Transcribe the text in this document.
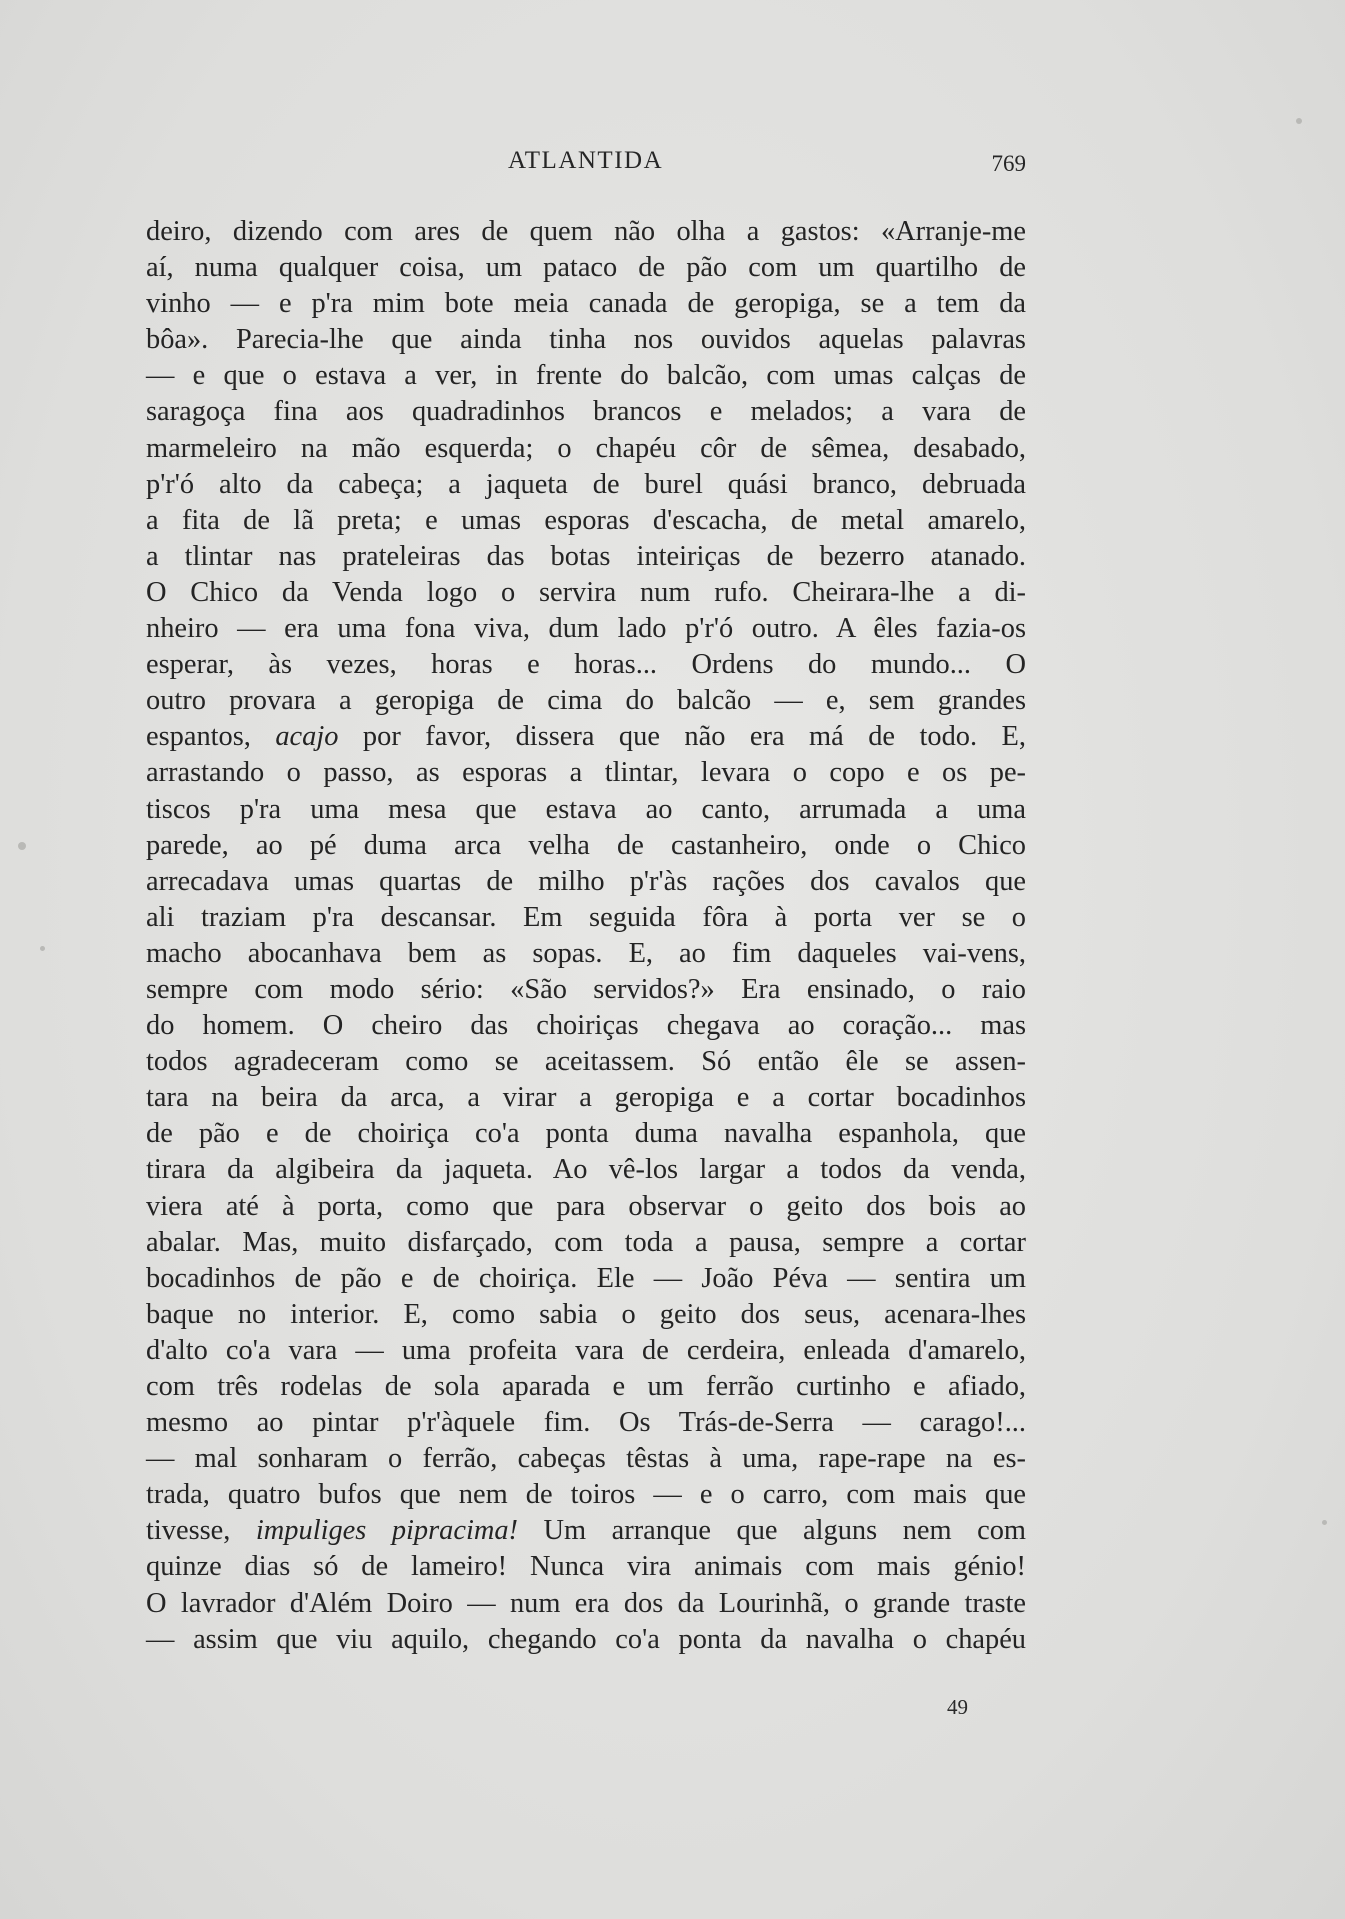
ATLANTIDA	769
deiro, dizendo com ares de quem não olha a gastos: «Arranje-me
aí, numa qualquer coisa, um pataco de pão com um quartilho de
vinho — e p'ra mim bote meia canada de geropiga, se a tem da
bôa». Parecia-lhe que ainda tinha nos ouvidos aquelas palavras
— e que o estava a ver, in frente do balcão, com umas calças de
saragoça fina aos quadradinhos brancos e melados; a vara de
marmeleiro na mão esquerda; o chapéu côr de sêmea, desabado,
p'r'ó alto da cabeça; a jaqueta de burel quási branco, debruada
a fita de lã preta; e umas esporas d'escacha, de metal amarelo,
a tlintar nas prateleiras das botas inteiriças de bezerro atanado.
O Chico da Venda logo o servira num rufo. Cheirara-lhe a di-
nheiro — era uma fona viva, dum lado p'r'ó outro. A êles fazia-os
esperar, às vezes, horas e horas... Ordens do mundo... O
outro provara a geropiga de cima do balcão — e, sem grandes
espantos, acajo por favor, dissera que não era má de todo. E,
arrastando o passo, as esporas a tlintar, levara o copo e os pe-
tiscos p'ra uma mesa que estava ao canto, arrumada a uma
parede, ao pé duma arca velha de castanheiro, onde o Chico
arrecadava umas quartas de milho p'r'às rações dos cavalos que
ali traziam p'ra descansar. Em seguida fôra à porta ver se o
macho abocanhava bem as sopas. E, ao fim daqueles vai-vens,
sempre com modo sério: «São servidos?» Era ensinado, o raio
do homem. O cheiro das choiriças chegava ao coração... mas
todos agradeceram como se aceitassem. Só então êle se assen-
tara na beira da arca, a virar a geropiga e a cortar bocadinhos
de pão e de choiriça co'a ponta duma navalha espanhola, que
tirara da algibeira da jaqueta. Ao vê-los largar a todos da venda,
viera até à porta, como que para observar o geito dos bois ao
abalar. Mas, muito disfarçado, com toda a pausa, sempre a cortar
bocadinhos de pão e de choiriça. Ele — João Péva — sentira um
baque no interior. E, como sabia o geito dos seus, acenara-lhes
d'alto co'a vara — uma profeita vara de cerdeira, enleada d'amarelo,
com três rodelas de sola aparada e um ferrão curtinho e afiado,
mesmo ao pintar p'r'àquele fim. Os Trás-de-Serra — carago!...
— mal sonharam o ferrão, cabeças têstas à uma, rape-rape na es-
trada, quatro bufos que nem de toiros — e o carro, com mais que
tivesse, impuliges pipracima! Um arranque que alguns nem com
quinze dias só de lameiro! Nunca vira animais com mais génio!
O lavrador d'Além Doiro — num era dos da Lourinhã, o grande traste
— assim que viu aquilo, chegando co'a ponta da navalha o chapéu
49
